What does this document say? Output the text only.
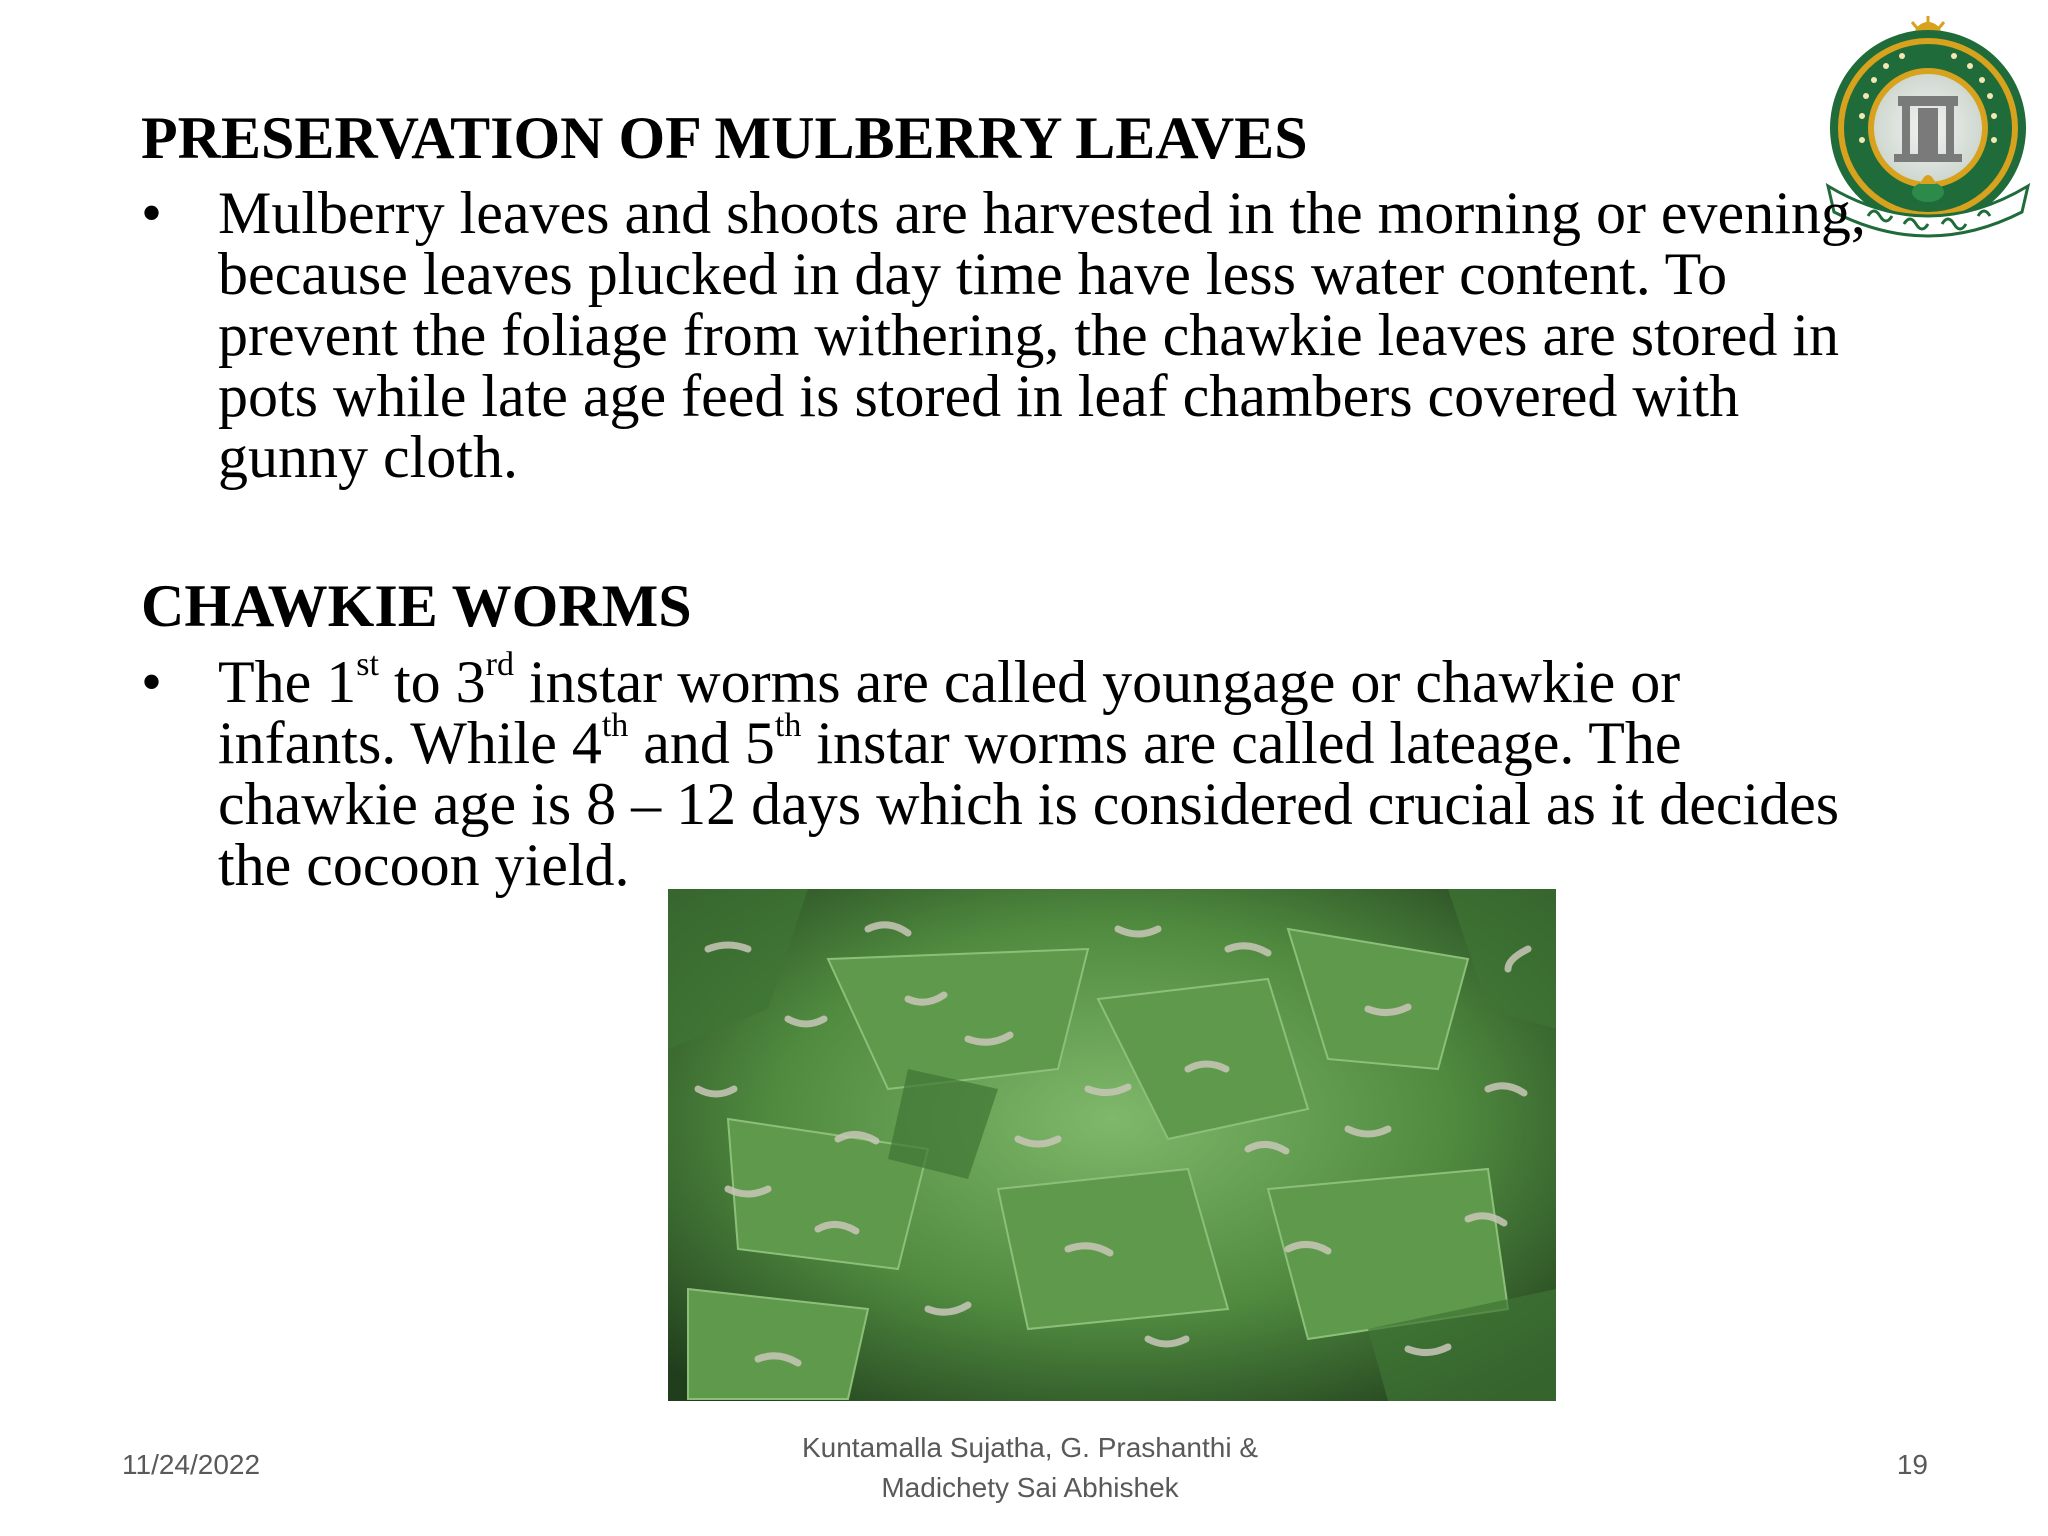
PRESERVATION OF MULBERRY LEAVES
• Mulberry leaves and shoots are harvested in the morning or evening,
because leaves plucked in day time have less water content. To
prevent the foliage from withering, the chawkie leaves are stored in
pots while late age feed is stored in leaf chambers covered with
gunny cloth.
CHAWKIE WORMS
• The 1st to 3rd instar worms are called youngage or chawkie or
infants. While 4th and 5th instar worms are called lateage. The
chawkie age is 8 – 12 days which is considered crucial as it decides
the cocoon yield.
11/24/2022
Kuntamalla Sujatha, G. Prashanthi &
Madichety Sai Abhishek
19
